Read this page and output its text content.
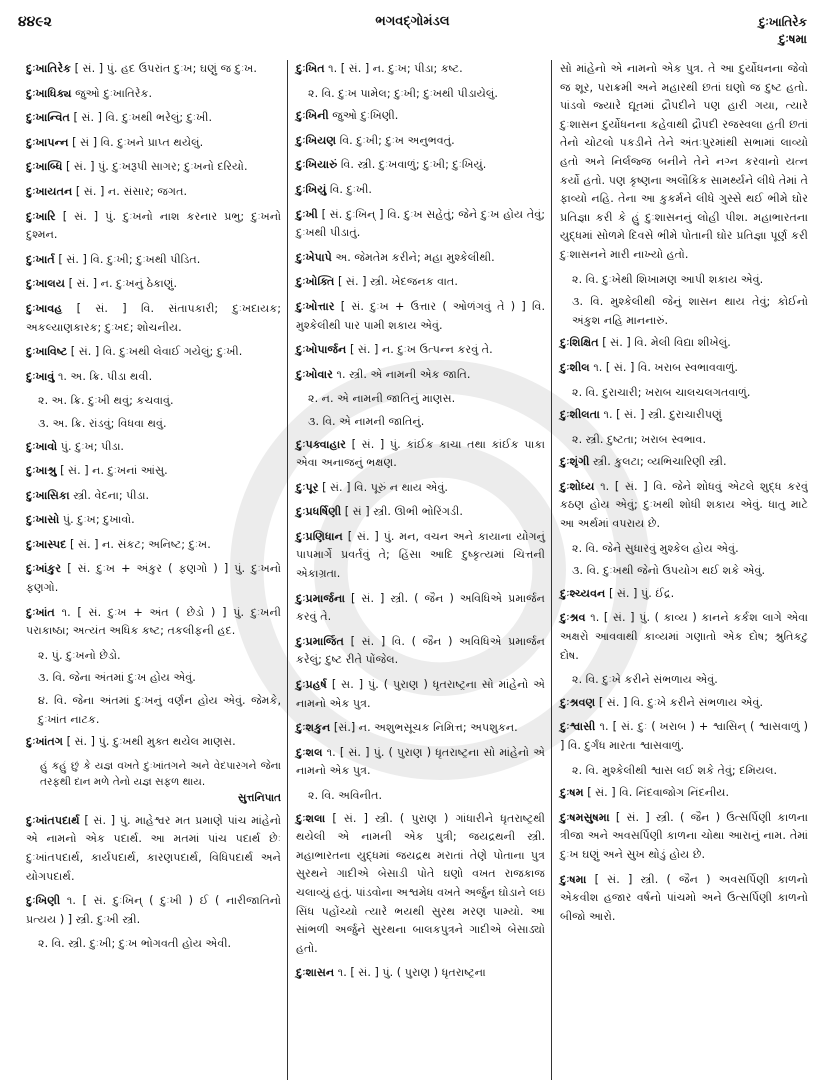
૪૪૯૨	ભગવદ્ગોમંડલ	દુઃખાતિરેક
દુઃષમા

દુઃખાતિરેક [ સં. ] પું. હદ ઉપરાંત દુઃખ; ઘણું જ દુઃખ.

દુઃખાધિક્ય જુઓ દુઃખાતિરેક.

દુઃખાન્વિત [ સં. ] વિ. દુઃખથી ભરેલું; દુઃખી.

દુઃખાપન્ન [ સં ] વિ. દુઃખને પ્રાપ્ત થયેલું.

દુઃખાબ્ધિ [ સં. ] પું. દુઃખરૂપી સાગર; દુઃખનો દરિયો.

દુઃખાયતન [ સં. ] ન. સંસાર; જગત.

દુઃખારિ [ સં. ] પું. દુઃખનો નાશ કરનાર પ્રભુ; દુઃખનો દુશ્મન.

દુઃખાર્ત [ સં. ] વિ. દુઃખી; દુઃખથી પીડિત.

દુઃખાલય [ સં. ] ન. દુઃખનું ઠેકાણું.

દુઃખાવહ [ સં. ] વિ. સંતાપકારી; દુઃખદાયક; અકલ્યાણકારક; દુઃખદ; શોચનીય.

દુઃખાવિષ્ટ [ સં. ] વિ. દુઃખથી લેવાઈ ગયેલું; દુઃખી.

દુઃખાવું ૧. અ. ક્રિ. પીડા થવી.

૨. અ. ક્રિ. દુઃખી થવું; કચવાવું.

૩. અ. ક્રિ. રાંડવું; વિધવા થવું.

દુઃખાવો પું. દુઃખ; પીડા.

દુઃખાશ્રુ [ સં. ] ન. દુઃખનાં આંસુ.

દુઃખાસિકા સ્ત્રી. વેદના; પીડા.

દુઃખાસો પું. દુઃખ; દુખાવો.

દુઃખાસ્પદ [ સં. ] ન. સંકટ; અનિષ્ટ; દુઃખ.

દુઃખાંકુર [ સં. દુઃખ + અંકુર ( ફણગો ) ] પું. દુઃખનો ફણગો.

દુઃખાંત ૧. [ સં. દુઃખ + અંત ( છેડો ) ] પું. દુઃખની પરાકાષ્ઠા; અત્યંત અધિક કષ્ટ; તકલીફની હદ.

૨. પું. દુઃખનો છેડો.

૩. વિ. જેના અંતમાં દુઃખ હોય એવું.

૪. વિ. જેના અંતમાં દુઃખનું વર્ણન હોય એવું. જેમકે, દુઃખાંત નાટક.

દુઃખાંતગ [ સં. ] પું. દુઃખથી મુક્ત થયેલ માણસ.

હું કહું છું કે યજ્ઞ વખતે દુઃખાંતગને અને વેદપારગને જેના તરફથી દાન મળે તેનો યજ્ઞ સફળ થાય.
સુત્તનિપાત

દુઃખાંતપદાર્થ [ સં. ] પું. માહેશ્વર મત પ્રમાણે પાંચ માંહેનો એ નામનો એક પદાર્થ. આ મતમાં પાંચ પદાર્થ છેઃ દુઃખાંતપદાર્થ, કાર્યપદાર્થ, કારણપદાર્થ, વિધિપદાર્થ અને યોગપદાર્થ.

દુઃખિણી ૧. [ સં. દુઃખિન્ ( દુઃખી ) ઈ ( નારીજાતિનો પ્રત્યય ) ] સ્ત્રી. દુઃખી સ્ત્રી.

૨. વિ. સ્ત્રી. દુઃખી; દુઃખ ભોગવતી હોય એવી.

દુઃખિત ૧. [ સં. ] ન. દુઃખ; પીડા; કષ્ટ.

૨. વિ. દુઃખ પામેલ; દુઃખી; દુઃખથી પીડાયેલું.

દુઃખિની જુઓ દુઃખિણી.

દુઃખિયણ વિ. દુઃખી; દુઃખ અનુભવતું.

દુઃખિયારું વિ. સ્ત્રી. દુઃખવાળું; દુઃખી; દુઃખિયું.

દુઃખિયું વિ. દુઃખી.

દુઃખી [ સં. દુઃખિન્ ] વિ. દુઃખ સહેતું; જેને દુઃખ હોય તેવું; દુઃખથી પીડાતું.

દુઃખેપાપે અ. જેમતેમ કરીને; મહા મુશ્કેલીથી.

દુઃખોક્તિ [ સં. ] સ્ત્રી. ખેદજનક વાત.

દુઃખોત્તાર [ સં. દુઃખ + ઉત્તાર ( ઓળંગવું તે ) ] વિ. મુશ્કેલીથી પાર પામી શકાય એવું.

દુઃખોપાર્જન [ સં. ] ન. દુઃખ ઉત્પન્ન કરવું તે.

દુઃખોવાર ૧. સ્ત્રી. એ નામની એક જાતિ.

૨. ન. એ નામની જાતિનું માણસ.

૩. વિ. એ નામની જાતિનું.

દુઃપક્વાહાર [ સં. ] પું. કાંઈક કાચા તથા કાંઈક પાકા એવા અનાજનું ભક્ષણ.

દુઃપૂર [ સં. ] વિ. પૂરું ન થાય એવું.

દુઃપ્રધર્ષિણી [ સં ] સ્ત્રી. ઊભી ભોરિંગડી.

દુઃપ્રણિધાન [ સં. ] પું. મન, વચન અને કાયાના યોગનું પાપમાર્ગે પ્રવર્તવું તે; હિંસા આદિ દુષ્કૃત્યમાં ચિત્તની એકાગ્રતા.

દુઃપ્રમાર્જના [ સં. ] સ્ત્રી. ( જૈન ) અવિધિએ પ્રમાર્જન કરવું તે.

દુઃપ્રમાર્જિત [ સં. ] વિ. ( જૈન ) અવિધિએ પ્રમાર્જન કરેલું; દુષ્ટ રીતે પોંજેલ.

દુઃપ્રહર્ષ [ સ. ] પું. ( પુરાણ ) ધૃતરાષ્ટ્રના સો માંહેનો એ નામનો એક પુત્ર.

દુઃશકુન [સં.] ન. અશુભસૂચક નિમિત્ત; અપશુકન.

દુઃશલ ૧. [ સં. ] પું. ( પુરાણ ) ધૃતરાષ્ટ્રના સો માંહેનો એ નામનો એક પુત્ર.

૨. વિ. અવિનીત.

દુઃશલા [ સં. ] સ્ત્રી. ( પુરાણ ) ગાંધારીને ધૃતરાષ્ટ્રથી થયેલી એ નામની એક પુત્રી; જયદ્રથની સ્ત્રી. મહાભારતના યુદ્ધમાં જયદ્રથ મરાતાં તેણે પોતાના પુત્ર સુરથને ગાદીએ બેસાડી પોતે ઘણો વખત રાજકાજ ચલાવ્યું હતું. પાંડવોના અશ્વમેધ વખતે અર્જુન ઘોડાને લઇ સિંધ પહોંચ્યો ત્યારે ભયથી સુરથ મરણ પામ્યો. આ સાંભળી અર્જુને સુરથના બાલકપુત્રને ગાદીએ બેસાડ્યો હતો.

દુઃશાસન ૧. [ સં. ] પું. ( પુરાણ ) ધૃતરાષ્ટ્રના

સો માંહેનો એ નામનો એક પુત્ર. તે આ દુર્યોધનના જેવો જ શૂર, પરાક્રમી અને મહારથી છતાં ઘણો જ દુષ્ટ હતો. પાંડવો જ્યારે દ્યૂતમાં દ્રૌપદીને પણ હારી ગયા, ત્યારે દુઃશાસન દુર્યોધનના કહેવાથી દ્રૌપદી રજસ્વલા હતી છતાં તેનો ચોટલો પકડીને તેને અંતઃપુરમાંથી સભામાં લાવ્યો હતો અને નિર્લજ્જ બનીને તેને નગ્ન કરવાનો યત્ન કર્યો હતો. પણ કૃષ્ણના અલૌકિક સામર્થ્યને લીધે તેમાં તે ફાવ્યો નહિ. તેના આ કુકર્મને લીધે ગુસ્સે થઈ ભીમે ઘોર પ્રતિજ્ઞા કરી કે હું દુઃશાસનનું લોહી પીશ. મહાભારતના યુદ્ધમાં સોળમે દિવસે ભીમે પોતાની ઘોર પ્રતિજ્ઞા પૂર્ણ કરી દુઃશાસનને મારી નાખ્યો હતો.

૨. વિ. દુઃખેથી શિખામણ આપી શકાય એવું.

૩. વિ. મુશ્કેલીથી જેનું શાસન થાય તેવું; કોઈનો અંકુશ નહિ માનનારું.

દુઃશિક્ષિત [ સં. ] વિ. મેલી વિદ્યા શીખેલું.

દુઃશીલ ૧. [ સં. ] વિ. ખરાબ સ્વભાવવાળું.

૨. વિ. દુરાચારી; ખરાબ ચાલચલગતવાળું.

દુઃશીલતા ૧. [ સં. ] સ્ત્રી. દુરાચારીપણું

૨. સ્ત્રી. દુષ્ટતા; ખરાબ સ્વભાવ.

દુઃશૃંગી સ્ત્રી. કુલટા; વ્યભિચારિણી સ્ત્રી.

દુઃશોધ્ય ૧. [ સં. ] વિ. જેને શોધવું એટલે શુદ્ધ કરવું કઠણ હોય એવું; દુઃખથી શોધી શકાય એવું. ધાતુ માટે આ અર્થમાં વપરાય છે.

૨. વિ. જેને સુધારવું મુશ્કેલ હોય એવું.

૩. વિ. દુઃખથી જેનો ઉપયોગ થઈ શકે એવું.

દુઃશ્ચ્યવન [ સં. ] પું. ઈંદ્ર.

દુઃશ્રવ ૧. [ સં. ] પું. ( કાવ્ય ) કાનને કર્કશ લાગે એવા અક્ષરો આવવાથી કાવ્યમાં ગણાતો એક દોષ; શ્રુતિકટુ દોષ.

૨. વિ. દુઃખે કરીને સંભળાય એવું.

દુઃશ્રવણ [ સં. ] વિ. દુઃખે કરીને સંભળાય એવું.

દુઃશ્વાસી ૧. [ સં. દુઃ ( ખરાબ ) + શ્વાસિન્ ( શ્વાસવાળું ) ] વિ. દુર્ગંધ મારતા શ્વાસવાળું.

૨. વિ. મુશ્કેલીથી શ્વાસ લઈ શકે તેવું; દમિયલ.

દુઃષમ [ સં. ] વિ. નિંદવાજોગ નિંદનીય.

દુઃષમસુષમા [ સં. ] સ્ત્રી. ( જૈન ) ઉત્સર્પિણી કાળના ત્રીજા અને અવસર્પિણી કાળના ચોથા આરાનું નામ. તેમાં દુઃખ ઘણું અને સુખ થોડું હોય છે.

દુઃષમા [ સં. ] સ્ત્રી. ( જૈન ) અવસર્પિણી કાળનો એકવીશ હજાર વર્ષનો પાંચમો અને ઉત્સર્પિણી કાળનો બીજો આરો.
